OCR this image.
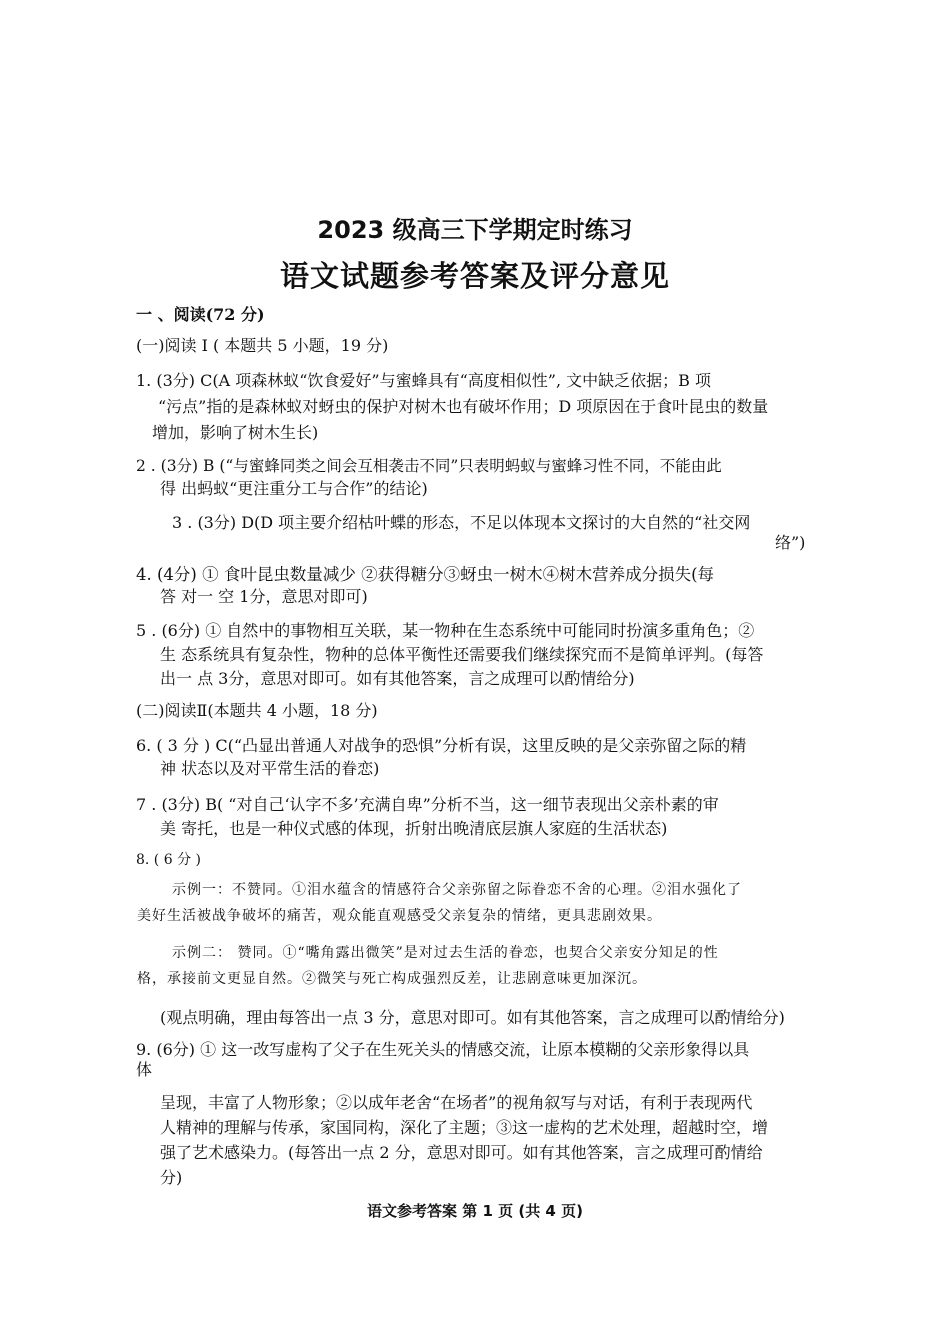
2023 级高三下学期定时练习
语文试题参考答案及评分意见
一 、阅读(72 分)
(一)阅读 I ( 本题共 5 小题，19 分)
1. (3分) C(A 项森林蚁“饮食爱好”与蜜蜂具有“高度相似性”, 文中缺乏依据；B 项
“污点”指的是森林蚁对蚜虫的保护对树木也有破坏作用；D 项原因在于食叶昆虫的数量
增加，影响了树木生长)
2 . (3分) B (“与蜜蜂同类之间会互相袭击不同”只表明蚂蚁与蜜蜂习性不同，不能由此
得 出蚂蚁“更注重分工与合作”的结论)
3 . (3分) D(D 项主要介绍枯叶蝶的形态，不足以体现本文探讨的大自然的“社交网
络”)
4. (4分) ① 食叶昆虫数量减少 ②获得糖分③蚜虫一树木④树木营养成分损失(每
答 对一 空 1分，意思对即可)
5 . (6分) ① 自然中的事物相互关联，某一物种在生态系统中可能同时扮演多重角色；②
生 态系统具有复杂性，物种的总体平衡性还需要我们继续探究而不是简单评判。(每答
出一 点 3分，意思对即可。如有其他答案，言之成理可以酌情给分)
(二)阅读Ⅱ(本题共 4 小题，18 分)
6. ( 3 分 ) C(“凸显出普通人对战争的恐惧”分析有误，这里反映的是父亲弥留之际的精
神 状态以及对平常生活的眷恋)
7 . (3分) B( “对自己‘认字不多’充满自卑”分析不当，这一细节表现出父亲朴素的审
美 寄托，也是一种仪式感的体现，折射出晚清底层旗人家庭的生活状态)
8. ( 6 分 )
示例一：不赞同。①泪水蕴含的情感符合父亲弥留之际眷恋不舍的心理。②泪水强化了
美好生活被战争破坏的痛苦，观众能直观感受父亲复杂的情绪，更具悲剧效果。
示例二： 赞同。①“嘴角露出微笑”是对过去生活的眷恋，也契合父亲安分知足的性
格，承接前文更显自然。②微笑与死亡构成强烈反差，让悲剧意味更加深沉。
(观点明确，理由每答出一点 3 分，意思对即可。如有其他答案，言之成理可以酌情给分)
9. (6分) ① 这一改写虚构了父子在生死关头的情感交流，让原本模糊的父亲形象得以具
体
呈现，丰富了人物形象；②以成年老舍“在场者”的视角叙写与对话，有利于表现两代
人精神的理解与传承，家国同构，深化了主题；③这一虚构的艺术处理，超越时空，增
强了艺术感染力。(每答出一点 2 分，意思对即可。如有其他答案，言之成理可酌情给
分)
语文参考答案 第 1 页 (共 4 页)
